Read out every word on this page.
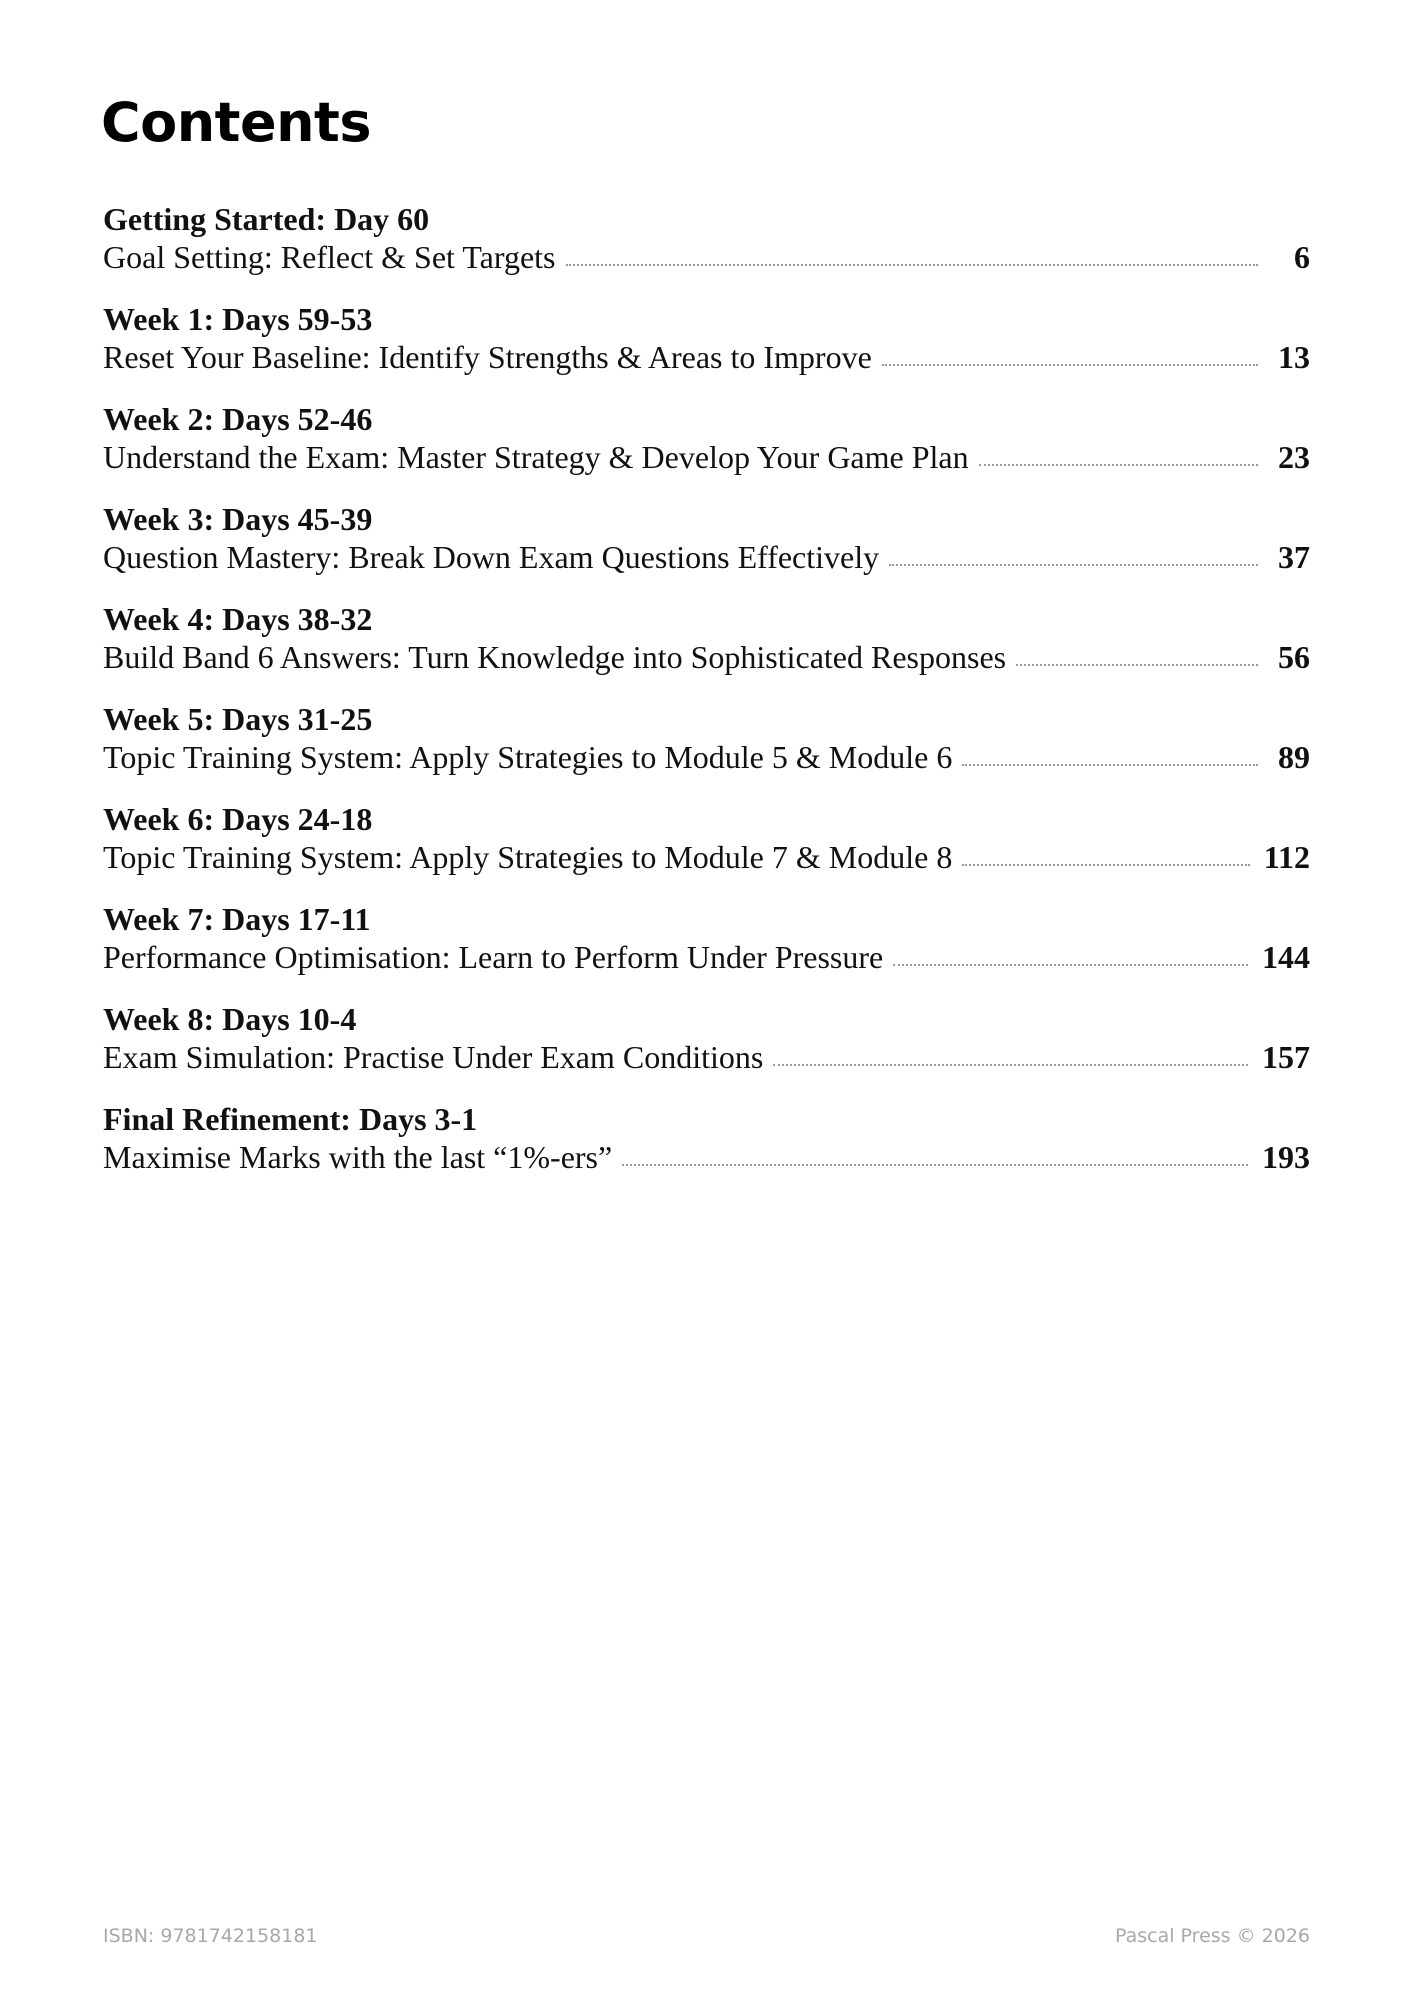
Contents
Getting Started: Day 60
Goal Setting: Reflect & Set Targets	6
Week 1: Days 59-53
Reset Your Baseline: Identify Strengths & Areas to Improve	13
Week 2: Days 52-46
Understand the Exam: Master Strategy & Develop Your Game Plan	23
Week 3: Days 45-39
Question Mastery: Break Down Exam Questions Effectively	37
Week 4: Days 38-32
Build Band 6 Answers: Turn Knowledge into Sophisticated Responses	56
Week 5: Days 31-25
Topic Training System: Apply Strategies to Module 5 & Module 6	89
Week 6: Days 24-18
Topic Training System: Apply Strategies to Module 7 & Module 8	112
Week 7: Days 17-11
Performance Optimisation: Learn to Perform Under Pressure	144
Week 8: Days 10-4
Exam Simulation: Practise Under Exam Conditions	157
Final Refinement: Days 3-1
Maximise Marks with the last “1%-ers”	193
ISBN: 9781742158181	Pascal Press © 2026
